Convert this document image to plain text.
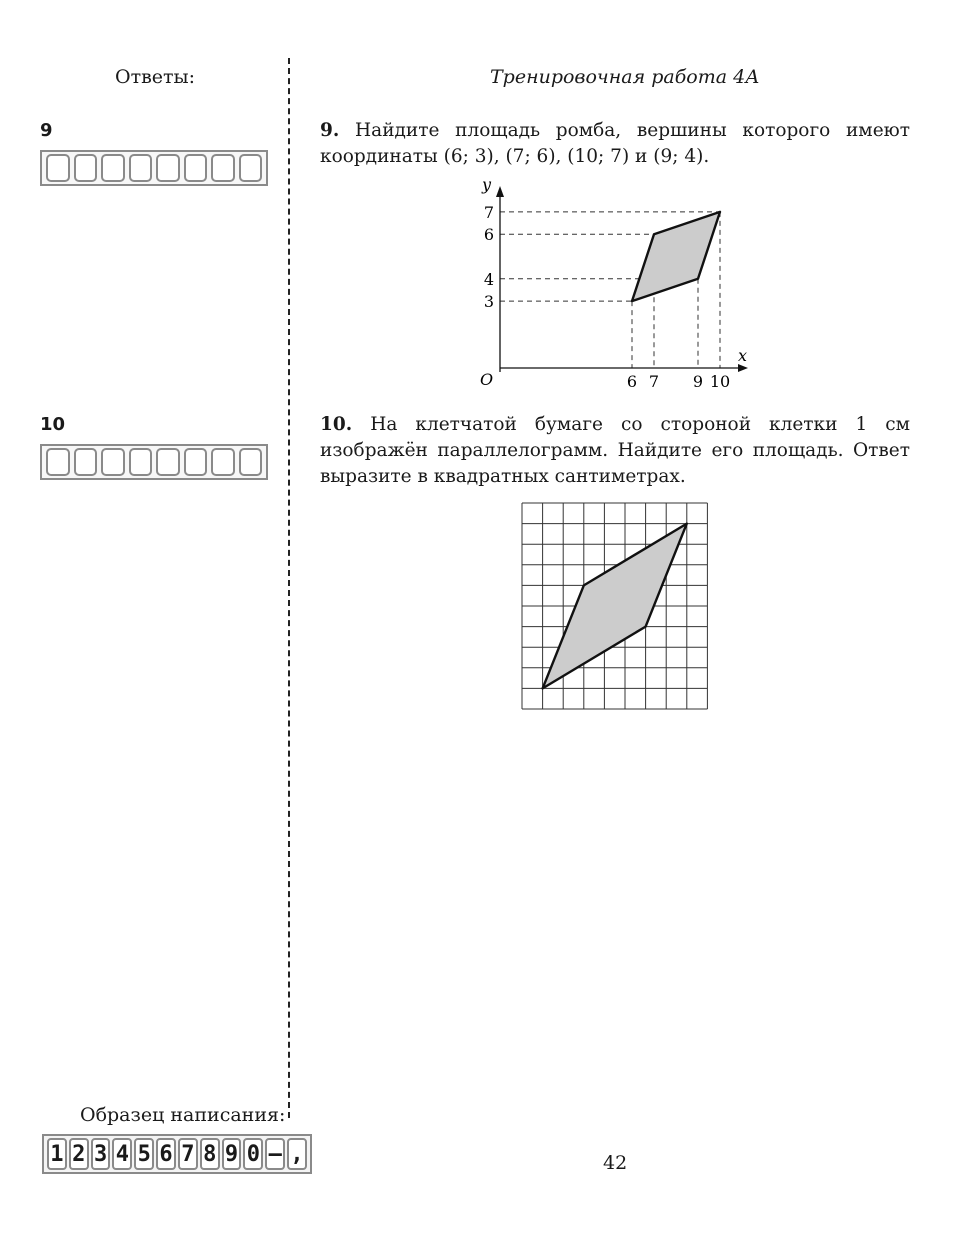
Ответы:
9
10
Тренировочная работа 4А
9. Найдите площадь ромба, вершины которого имеют координаты (6; 3), (7; 6), (10; 7) и (9; 4).
x
y
O	6 7 9 10
3
4
6
7
10. На клетчатой бумаге со стороной клетки 1 см изображён параллелограмм. Найдите его площадь. Ответ выразите в квадратных сантиметрах.
Образец написания:
1 2 3 4 5 6 7 8 9 0 – ,	42
